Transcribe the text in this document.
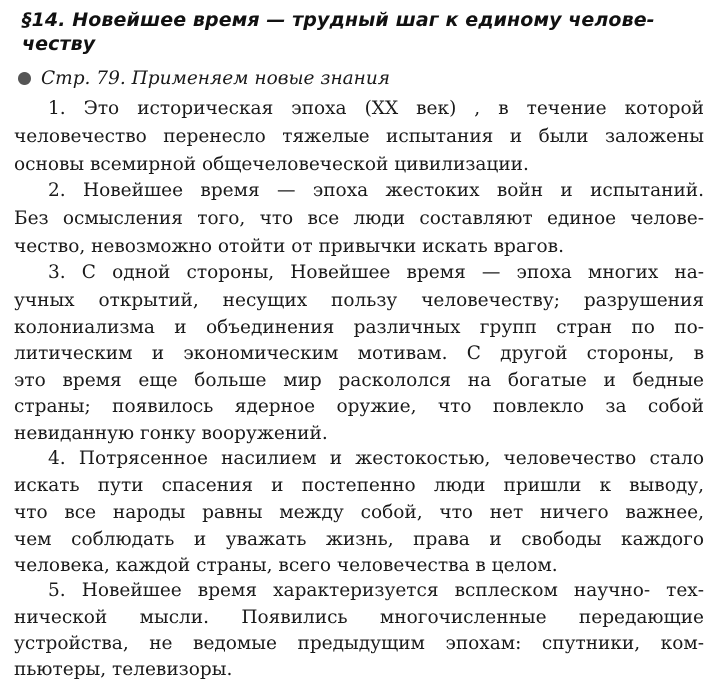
§14. Новейшее время — трудный шаг к единому челове-
честву
Стр. 79. Применяем новые знания
1. Это историческая эпоха (XX век) , в течение которой
человечество перенесло тяжелые испытания и были заложены
основы всемирной общечеловеческой цивилизации.
2. Новейшее время — эпоха жестоких войн и испытаний.
Без осмысления того, что все люди составляют единое челове-
чество, невозможно отойти от привычки искать врагов.
3. С одной стороны, Новейшее время — эпоха многих на-
учных открытий, несущих пользу человечеству; разрушения
колониализма и объединения различных групп стран по по-
литическим и экономическим мотивам. С другой стороны, в
это время еще больше мир раскололся на богатые и бедные
страны; появилось ядерное оружие, что повлекло за собой
невиданную гонку вооружений.
4. Потрясенное насилием и жестокостью, человечество стало
искать пути спасения и постепенно люди пришли к выводу,
что все народы равны между собой, что нет ничего важнее,
чем соблюдать и уважать жизнь, права и свободы каждого
человека, каждой страны, всего человечества в целом.
5. Новейшее время характеризуется всплеском научно- тех-
нической мысли. Появились многочисленные передающие
устройства, не ведомые предыдущим эпохам: спутники, ком-
пьютеры, телевизоры.
